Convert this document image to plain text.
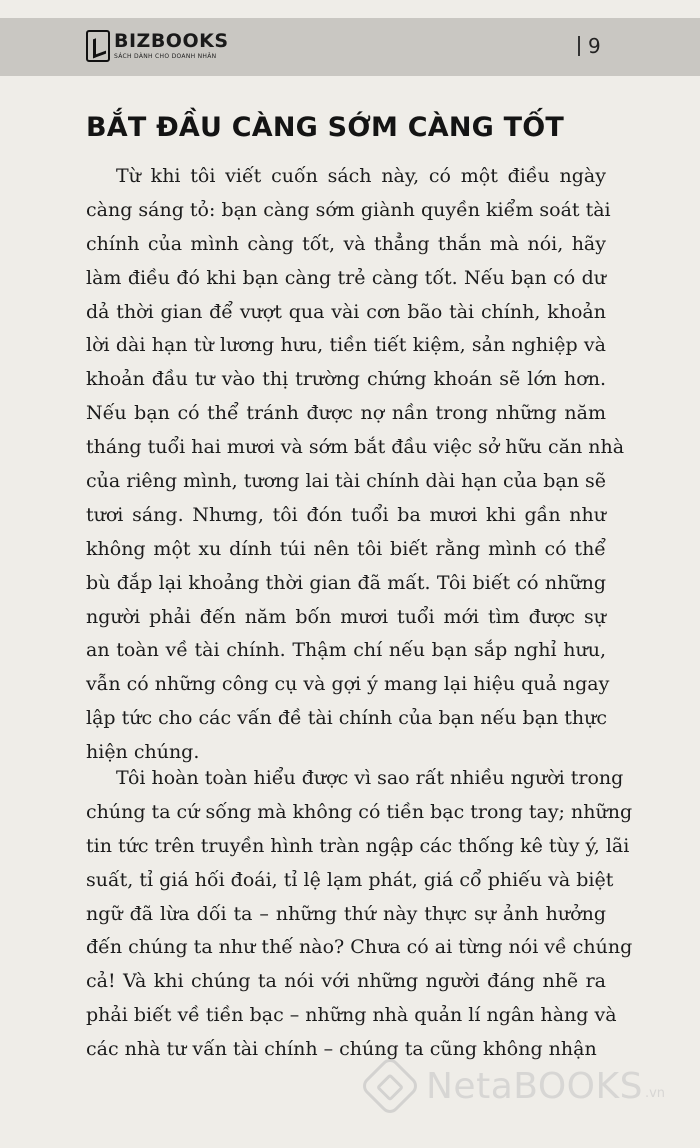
BIZBOOKS
SÁCH DÀNH CHO DOANH NHÂN	9
BẮT ĐẦU CÀNG SỚM CÀNG TỐT
Từ khi tôi viết cuốn sách này, có một điều ngày
càng sáng tỏ: bạn càng sớm giành quyền kiểm soát tài
chính của mình càng tốt, và thẳng thắn mà nói, hãy
làm điều đó khi bạn càng trẻ càng tốt. Nếu bạn có dư
dả thời gian để vượt qua vài cơn bão tài chính, khoản
lời dài hạn từ lương hưu, tiền tiết kiệm, sản nghiệp và
khoản đầu tư vào thị trường chứng khoán sẽ lớn hơn.
Nếu bạn có thể tránh được nợ nần trong những năm
tháng tuổi hai mươi và sớm bắt đầu việc sở hữu căn nhà
của riêng mình, tương lai tài chính dài hạn của bạn sẽ
tươi sáng. Nhưng, tôi đón tuổi ba mươi khi gần như
không một xu dính túi nên tôi biết rằng mình có thể
bù đắp lại khoảng thời gian đã mất. Tôi biết có những
người phải đến năm bốn mươi tuổi mới tìm được sự
an toàn về tài chính. Thậm chí nếu bạn sắp nghỉ hưu,
vẫn có những công cụ và gợi ý mang lại hiệu quả ngay
lập tức cho các vấn đề tài chính của bạn nếu bạn thực
hiện chúng.
Tôi hoàn toàn hiểu được vì sao rất nhiều người trong
chúng ta cứ sống mà không có tiền bạc trong tay; những
tin tức trên truyền hình tràn ngập các thống kê tùy ý, lãi
suất, tỉ giá hối đoái, tỉ lệ lạm phát, giá cổ phiếu và biệt
ngữ đã lừa dối ta – những thứ này thực sự ảnh hưởng
đến chúng ta như thế nào? Chưa có ai từng nói về chúng
cả! Và khi chúng ta nói với những người đáng nhẽ ra
phải biết về tiền bạc – những nhà quản lí ngân hàng và
các nhà tư vấn tài chính – chúng ta cũng không nhận
NetaBOOKS .vn
